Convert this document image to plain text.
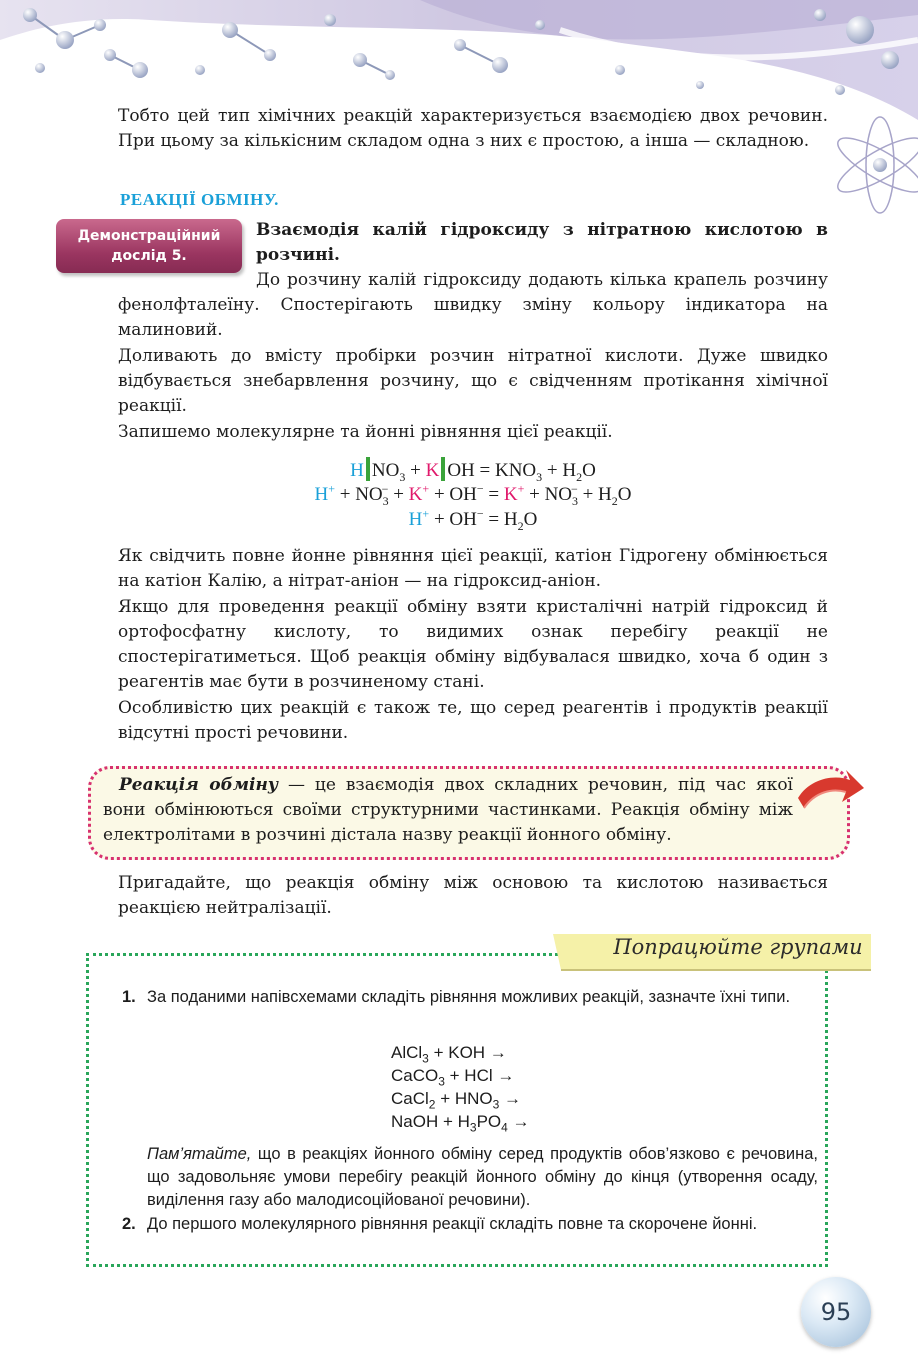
Тобто цей тип хімічних реакцій характеризується взаємодією двох речовин. При цьому за кількісним складом одна з них є простою, а інша — складною.

РЕАКЦІЇ ОБМІНУ.
Демонстраційний
дослід 5.
Взаємодія калій гідроксиду з нітратною кислотою в розчині.

До розчину калій гідроксиду додають кілька крапель розчину фенолфталеїну. Спостерігають швидку зміну кольору індикатора на малиновий.

Доливають до вмісту пробірки розчин нітратної кислоти. Дуже швидко відбувається знебарвлення розчину, що є свідченням протікання хімічної реакції.

Запишемо молекулярне та йонні рівняння цієї реакції.

H $NO_3 + K$ OH = $KNO_3 + H_2O$
$H^+ + NO_3^- + K^+ + OH^- = K^+ + NO_3^- + H_2O$
$H^+ + OH^- = H_2O$

Як свідчить повне йонне рівняння цієї реакції, катіон Гідрогену обмінюється на катіон Калію, а нітрат-аніон — на гідроксид-аніон.

Якщо для проведення реакції обміну взяти кристалічні натрій гідроксид й ортофосфатну кислоту, то видимих ознак перебігу реакції не спостерігатиметься. Щоб реакція обміну відбувалася швидко, хоча б один з реагентів має бути в розчиненому стані.

Особливістю цих реакцій є також те, що серед реагентів і продуктів реакції відсутні прості речовини.

Реакція обміну — це взаємодія двох складних речовин, під час якої вони обмінюються своїми структурними частинками. Реакція обміну між електролітами в розчині дістала назву реакції йонного обміну.

Пригадайте, що реакція обміну між основою та кислотою називається реакцією нейтралізації.

Попрацюйте групами
1. За поданими напівсхемами складіть рівняння можливих реакцій, зазначте їхні типи.
AlCl$_3$ + KOH →
CaCO$_3$ + HCl →
CaCl$_2$ + $HNO_3$ →
NaOH + $H_3PO_4$ →
Пам’ятайте, що в реакціях йонного обміну серед продуктів обов’язково є речовина, що задовольняє умови перебігу реакцій йонного обміну до кінця (утворення осаду, виділення газу або малодисоційованої речовини).
2. До першого молекулярного рівняння реакції складіть повне та скорочене йонні.
95
